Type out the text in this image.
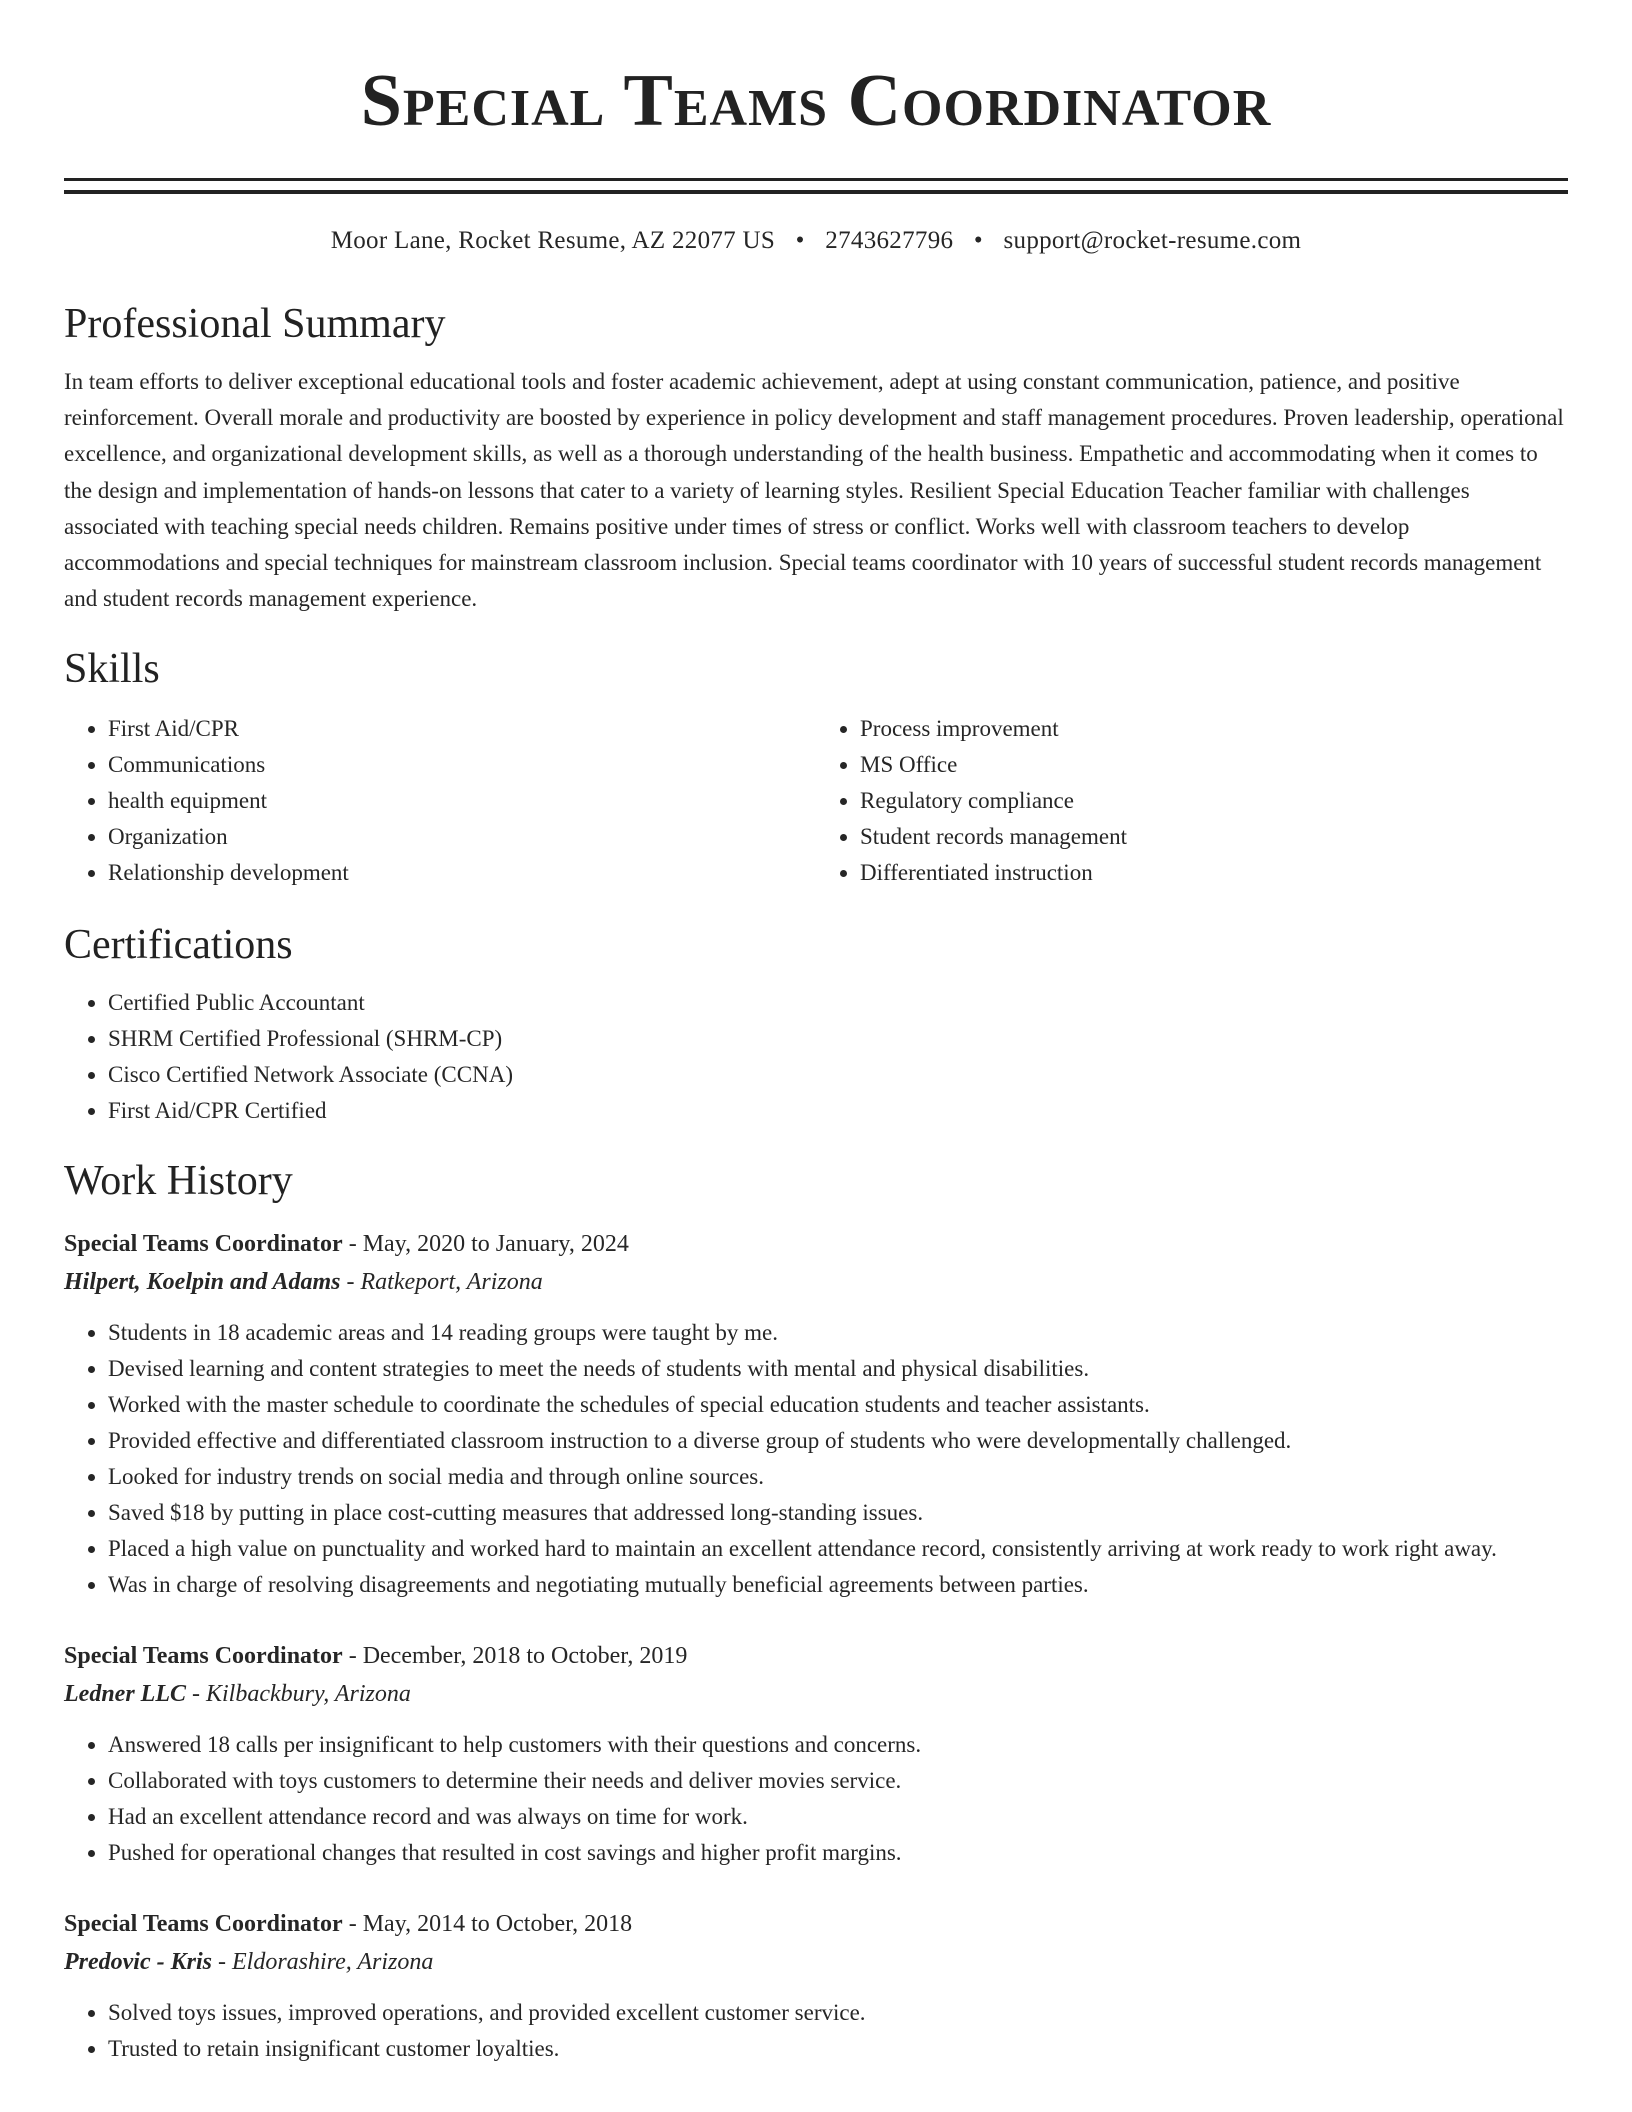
Special Teams Coordinator
Moor Lane, Rocket Resume, AZ 22077 US • 2743627796 • support@rocket-resume.com
Professional Summary
In team efforts to deliver exceptional educational tools and foster academic achievement, adept at using constant communication, patience, and positive reinforcement. Overall morale and productivity are boosted by experience in policy development and staff management procedures. Proven leadership, operational excellence, and organizational development skills, as well as a thorough understanding of the health business. Empathetic and accommodating when it comes to the design and implementation of hands-on lessons that cater to a variety of learning styles. Resilient Special Education Teacher familiar with challenges associated with teaching special needs children. Remains positive under times of stress or conflict. Works well with classroom teachers to develop accommodations and special techniques for mainstream classroom inclusion. Special teams coordinator with 10 years of successful student records management and student records management experience.
Skills
• First Aid/CPR
• Communications
• health equipment
• Organization
• Relationship development
• Process improvement
• MS Office
• Regulatory compliance
• Student records management
• Differentiated instruction
Certifications
• Certified Public Accountant
• SHRM Certified Professional (SHRM-CP)
• Cisco Certified Network Associate (CCNA)
• First Aid/CPR Certified
Work History
Special Teams Coordinator - May, 2020 to January, 2024
Hilpert, Koelpin and Adams - Ratkeport, Arizona
• Students in 18 academic areas and 14 reading groups were taught by me.
• Devised learning and content strategies to meet the needs of students with mental and physical disabilities.
• Worked with the master schedule to coordinate the schedules of special education students and teacher assistants.
• Provided effective and differentiated classroom instruction to a diverse group of students who were developmentally challenged.
• Looked for industry trends on social media and through online sources.
• Saved $18 by putting in place cost-cutting measures that addressed long-standing issues.
• Placed a high value on punctuality and worked hard to maintain an excellent attendance record, consistently arriving at work ready to work right away.
• Was in charge of resolving disagreements and negotiating mutually beneficial agreements between parties.
Special Teams Coordinator - December, 2018 to October, 2019
Ledner LLC - Kilbackbury, Arizona
• Answered 18 calls per insignificant to help customers with their questions and concerns.
• Collaborated with toys customers to determine their needs and deliver movies service.
• Had an excellent attendance record and was always on time for work.
• Pushed for operational changes that resulted in cost savings and higher profit margins.
Special Teams Coordinator - May, 2014 to October, 2018
Predovic - Kris - Eldorashire, Arizona
• Solved toys issues, improved operations, and provided excellent customer service.
• Trusted to retain insignificant customer loyalties.
